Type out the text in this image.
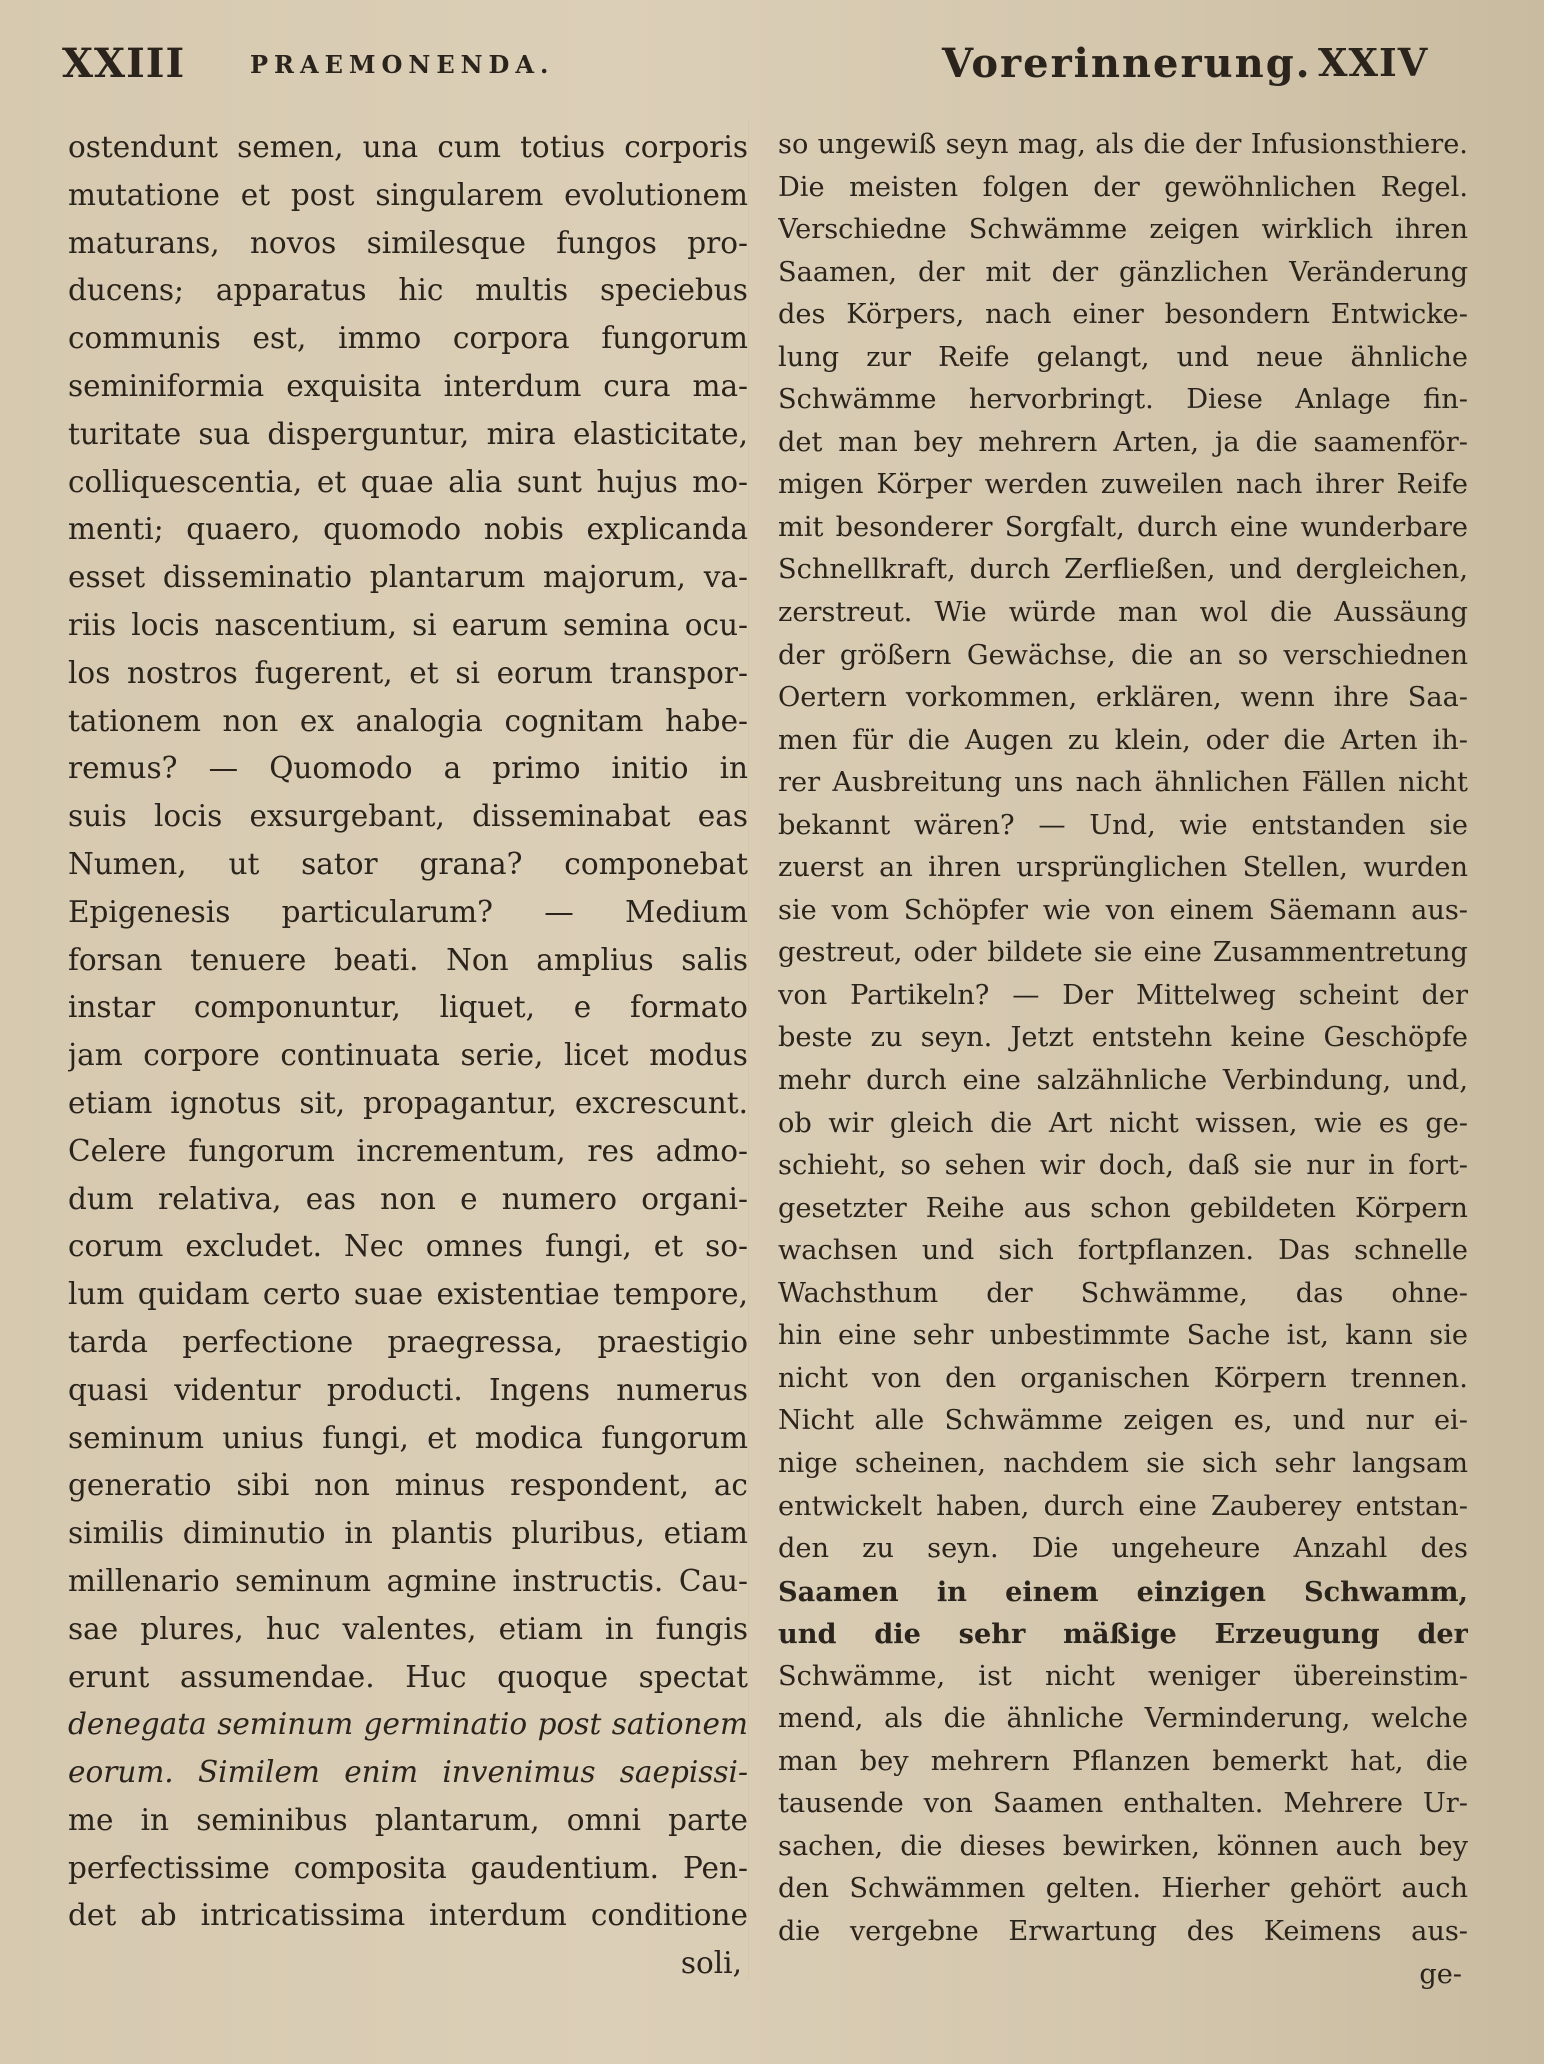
XXIII	PRAEMONENDA.	Vorerinnerung. XXIV
ostendunt semen, una cum totius corporis
mutatione et post singularem evolutionem
maturans, novos similesque fungos pro-
ducens; apparatus hic multis speciebus
communis est, immo corpora fungorum
seminiformia exquisita interdum cura ma-
turitate sua disperguntur, mira elasticitate,
colliquescentia, et quae alia sunt hujus mo-
menti; quaero, quomodo nobis explicanda
esset disseminatio plantarum majorum, va-
riis locis nascentium, si earum semina ocu-
los nostros fugerent, et si eorum transpor-
tationem non ex analogia cognitam habe-
remus? — Quomodo a primo initio in
suis locis exsurgebant, disseminabat eas
Numen, ut sator grana? componebat
Epigenesis particularum? — Medium
forsan tenuere beati. Non amplius salis
instar componuntur, liquet, e formato
jam corpore continuata serie, licet modus
etiam ignotus sit, propagantur, excrescunt.
Celere fungorum incrementum, res admo-
dum relativa, eas non e numero organi-
corum excludet. Nec omnes fungi, et so-
lum quidam certo suae existentiae tempore,
tarda perfectione praegressa, praestigio
quasi videntur producti. Ingens numerus
seminum unius fungi, et modica fungorum
generatio sibi non minus respondent, ac
similis diminutio in plantis pluribus, etiam
millenario seminum agmine instructis. Cau-
sae plures, huc valentes, etiam in fungis
erunt assumendae. Huc quoque spectat
denegata seminum germinatio post sationem
eorum. Similem enim invenimus saepissi-
me in seminibus plantarum, omni parte
perfectissime composita gaudentium. Pen-
det ab intricatissima interdum conditione
soli,
so ungewiß seyn mag, als die der Infusionsthiere.
Die meisten folgen der gewöhnlichen Regel.
Verschiedne Schwämme zeigen wirklich ihren
Saamen, der mit der gänzlichen Veränderung
des Körpers, nach einer besondern Entwicke-
lung zur Reife gelangt, und neue ähnliche
Schwämme hervorbringt. Diese Anlage fin-
det man bey mehrern Arten, ja die saamenför-
migen Körper werden zuweilen nach ihrer Reife
mit besonderer Sorgfalt, durch eine wunderbare
Schnellkraft, durch Zerfließen, und dergleichen,
zerstreut. Wie würde man wol die Aussäung
der größern Gewächse, die an so verschiednen
Oertern vorkommen, erklären, wenn ihre Saa-
men für die Augen zu klein, oder die Arten ih-
rer Ausbreitung uns nach ähnlichen Fällen nicht
bekannt wären? — Und, wie entstanden sie
zuerst an ihren ursprünglichen Stellen, wurden
sie vom Schöpfer wie von einem Säemann aus-
gestreut, oder bildete sie eine Zusammentretung
von Partikeln? — Der Mittelweg scheint der
beste zu seyn. Jetzt entstehn keine Geschöpfe
mehr durch eine salzähnliche Verbindung, und,
ob wir gleich die Art nicht wissen, wie es ge-
schieht, so sehen wir doch, daß sie nur in fort-
gesetzter Reihe aus schon gebildeten Körpern
wachsen und sich fortpflanzen. Das schnelle
Wachsthum der Schwämme, das ohne-
hin eine sehr unbestimmte Sache ist, kann sie
nicht von den organischen Körpern trennen.
Nicht alle Schwämme zeigen es, und nur ei-
nige scheinen, nachdem sie sich sehr langsam
entwickelt haben, durch eine Zauberey entstan-
den zu seyn. Die ungeheure Anzahl des
Saamen in einem einzigen Schwamm,
und die sehr mäßige Erzeugung der
Schwämme, ist nicht weniger übereinstim-
mend, als die ähnliche Verminderung, welche
man bey mehrern Pflanzen bemerkt hat, die
tausende von Saamen enthalten. Mehrere Ur-
sachen, die dieses bewirken, können auch bey
den Schwämmen gelten. Hierher gehört auch
die vergebne Erwartung des Keimens aus-
ge-
